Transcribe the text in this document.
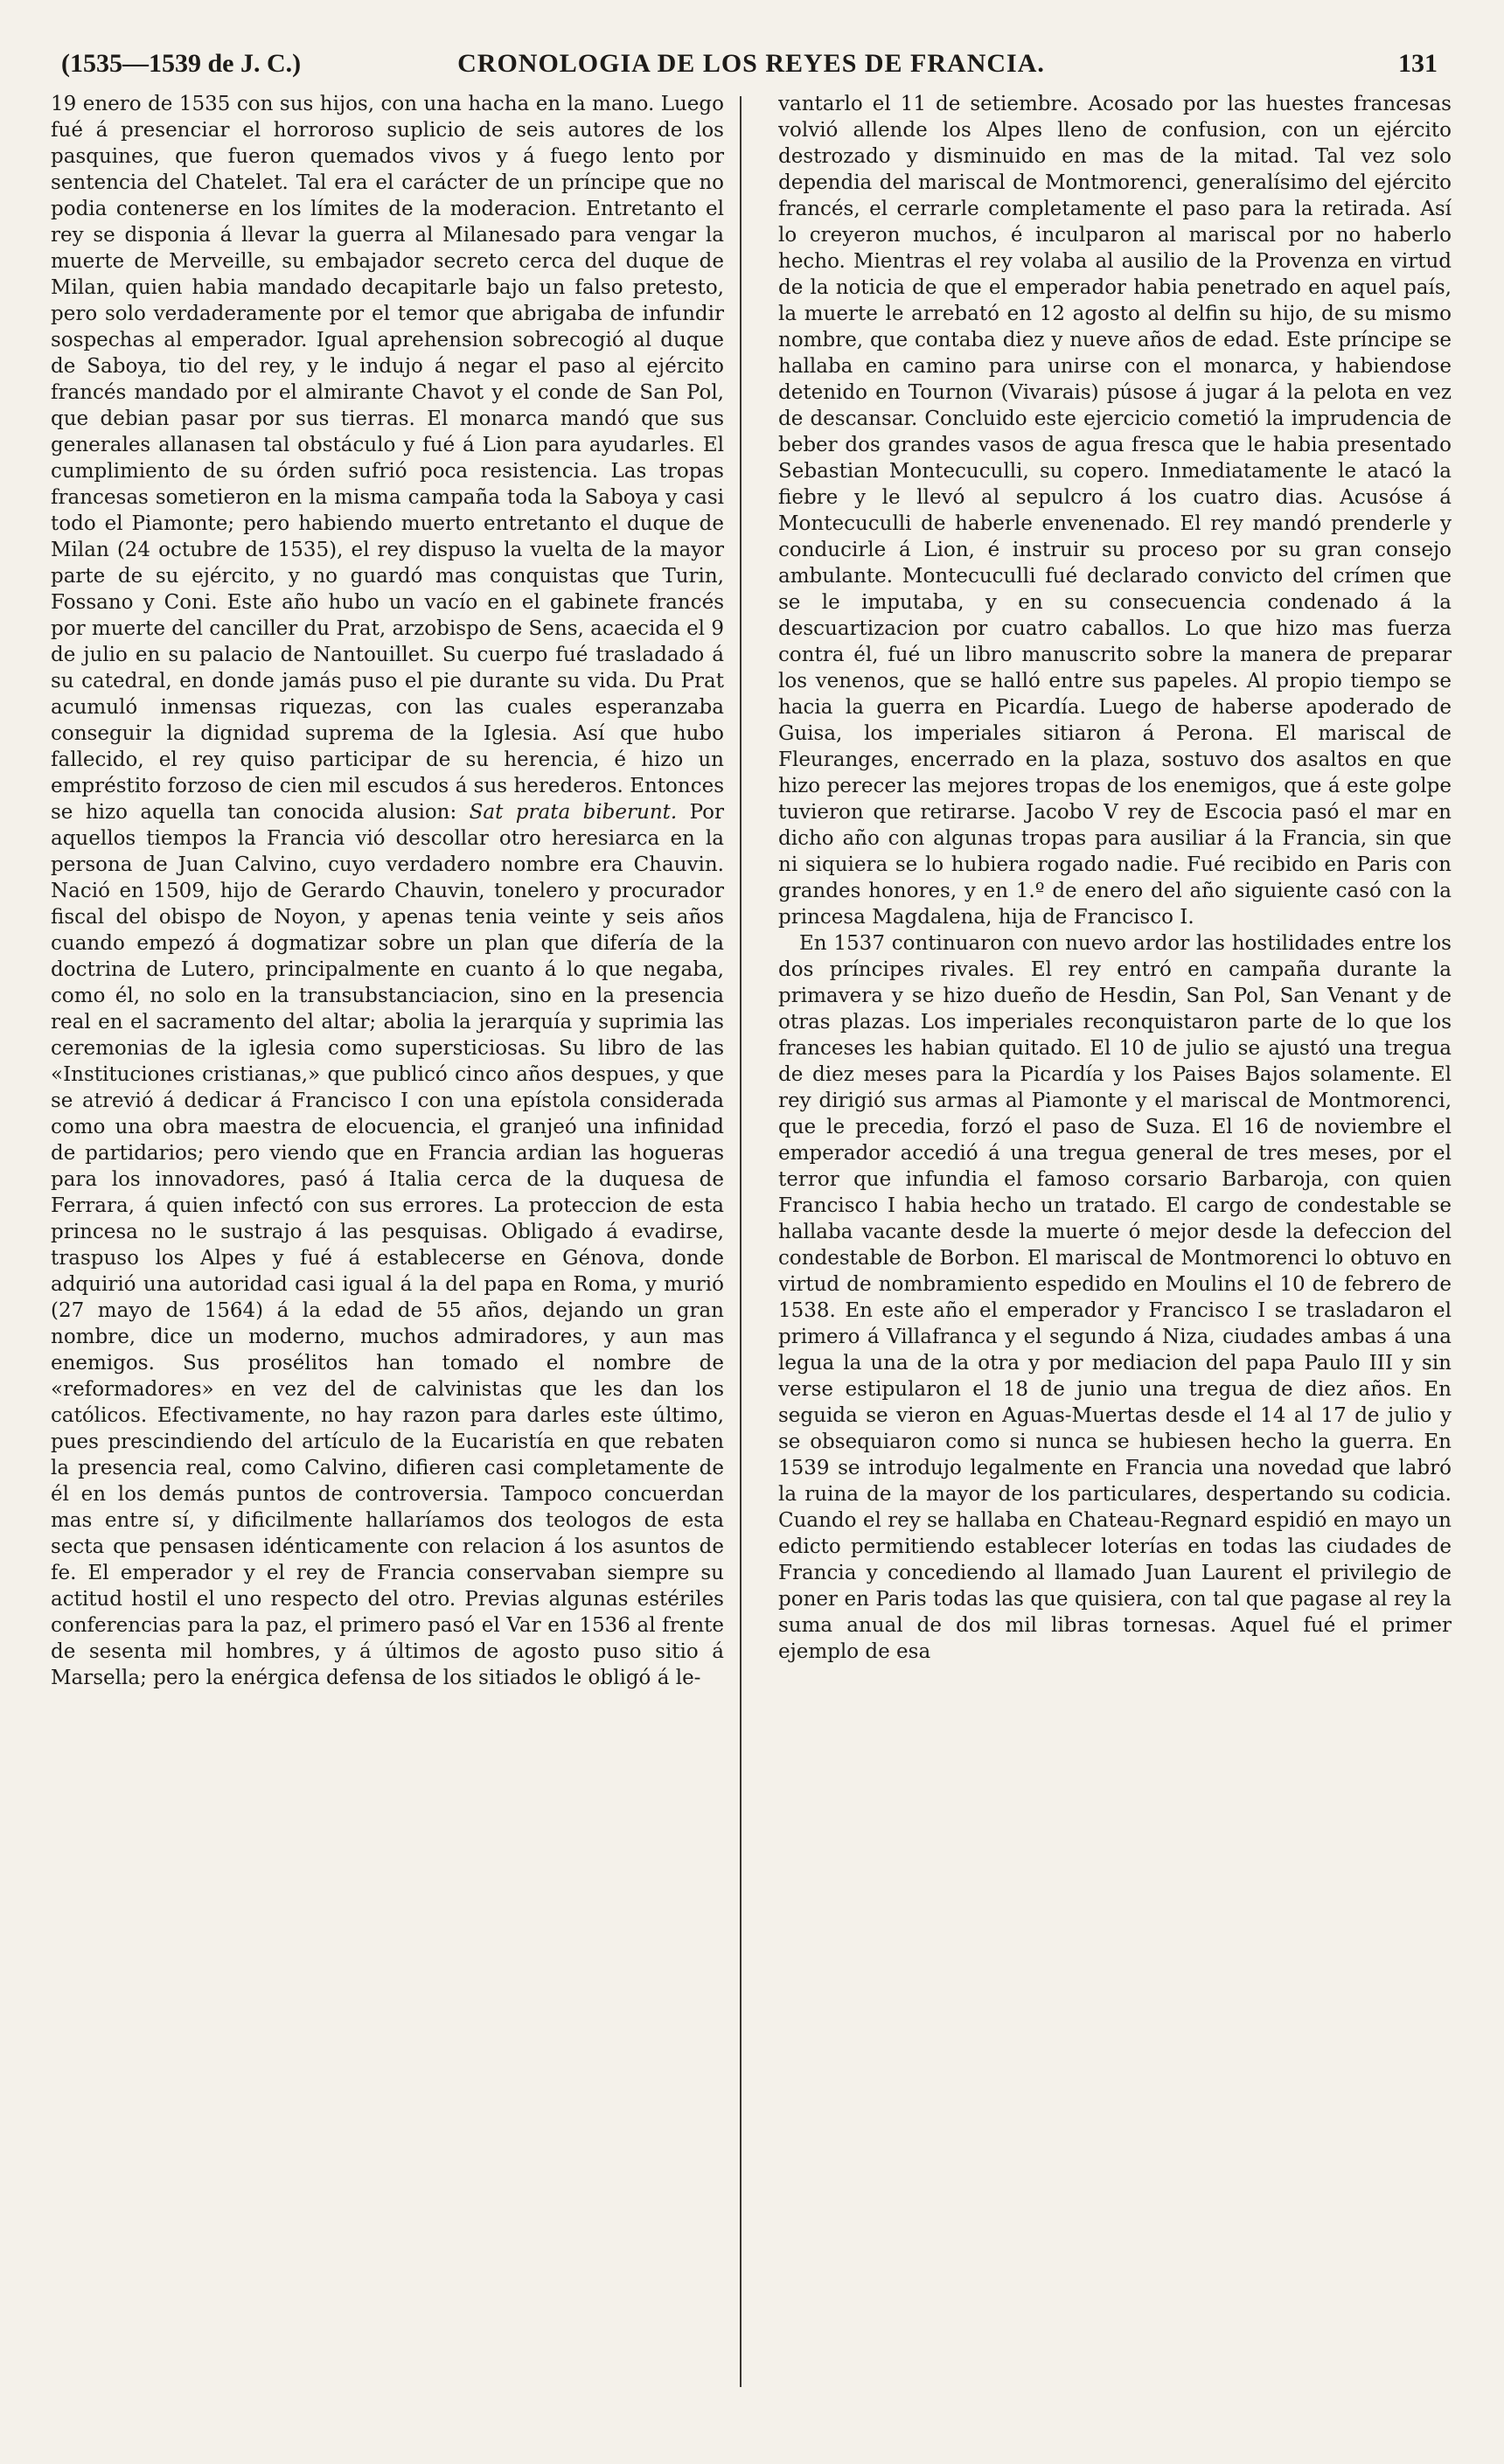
(1535—1539 de J. C.)	CRONOLOGIA DE LOS REYES DE FRANCIA.	131

19 enero de 1535 con sus hijos, con una hacha en la mano. Luego fué á presenciar el horroroso suplicio de seis autores de los pasquines, que fueron quemados vivos y á fuego lento por sentencia del Chatelet. Tal era el carácter de un príncipe que no podia contenerse en los límites de la moderacion. Entretanto el rey se disponia á llevar la guerra al Milanesado para vengar la muerte de Merveille, su embajador secreto cerca del duque de Milan, quien habia mandado decapitarle bajo un falso pretesto, pero solo verdaderamente por el temor que abrigaba de infundir sospechas al emperador. Igual aprehension sobrecogió al duque de Saboya, tio del rey, y le indujo á negar el paso al ejército francés mandado por el almirante Chavot y el conde de San Pol, que debian pasar por sus tierras. El monarca mandó que sus generales allanasen tal obstáculo y fué á Lion para ayudarles. El cumplimiento de su órden sufrió poca resistencia. Las tropas francesas sometieron en la misma campaña toda la Saboya y casi todo el Piamonte; pero habiendo muerto entretanto el duque de Milan (24 octubre de 1535), el rey dispuso la vuelta de la mayor parte de su ejército, y no guardó mas conquistas que Turin, Fossano y Coni. Este año hubo un vacío en el gabinete francés por muerte del canciller du Prat, arzobispo de Sens, acaecida el 9 de julio en su palacio de Nantouillet. Su cuerpo fué trasladado á su catedral, en donde jamás puso el pie durante su vida. Du Prat acumuló inmensas riquezas, con las cuales esperanzaba conseguir la dignidad suprema de la Iglesia. Así que hubo fallecido, el rey quiso participar de su herencia, é hizo un empréstito forzoso de cien mil escudos á sus herederos. Entonces se hizo aquella tan conocida alusion: Sat prata biberunt. Por aquellos tiempos la Francia vió descollar otro heresiarca en la persona de Juan Calvino, cuyo verdadero nombre era Chauvin. Nació en 1509, hijo de Gerardo Chauvin, tonelero y procurador fiscal del obispo de Noyon, y apenas tenia veinte y seis años cuando empezó á dogmatizar sobre un plan que difería de la doctrina de Lutero, principalmente en cuanto á lo que negaba, como él, no solo en la transubstanciacion, sino en la presencia real en el sacramento del altar; abolia la jerarquía y suprimia las ceremonias de la iglesia como supersticiosas. Su libro de las «Instituciones cristianas,» que publicó cinco años despues, y que se atrevió á dedicar á Francisco I con una epístola considerada como una obra maestra de elocuencia, el granjeó una infinidad de partidarios; pero viendo que en Francia ardian las hogueras para los innovadores, pasó á Italia cerca de la duquesa de Ferrara, á quien infectó con sus errores. La proteccion de esta princesa no le sustrajo á las pesquisas. Obligado á evadirse, traspuso los Alpes y fué á establecerse en Génova, donde adquirió una autoridad casi igual á la del papa en Roma, y murió (27 mayo de 1564) á la edad de 55 años, dejando un gran nombre, dice un moderno, muchos admiradores, y aun mas enemigos. Sus prosélitos han tomado el nombre de «reformadores» en vez del de calvinistas que les dan los católicos. Efectivamente, no hay razon para darles este último, pues prescindiendo del artículo de la Eucaristía en que rebaten la presencia real, como Calvino, difieren casi completamente de él en los demás puntos de controversia. Tampoco concuerdan mas entre sí, y dificilmente hallaríamos dos teologos de esta secta que pensasen idénticamente con relacion á los asuntos de fe. El emperador y el rey de Francia conservaban siempre su actitud hostil el uno respecto del otro. Previas algunas estériles conferencias para la paz, el primero pasó el Var en 1536 al frente de sesenta mil hombres, y á últimos de agosto puso sitio á Marsella; pero la enérgica defensa de los sitiados le obligó á le-

vantarlo el 11 de setiembre. Acosado por las huestes francesas volvió allende los Alpes lleno de confusion, con un ejército destrozado y disminuido en mas de la mitad. Tal vez solo dependia del mariscal de Montmorenci, generalísimo del ejército francés, el cerrarle completamente el paso para la retirada. Así lo creyeron muchos, é inculparon al mariscal por no haberlo hecho. Mientras el rey volaba al ausilio de la Provenza en virtud de la noticia de que el emperador habia penetrado en aquel país, la muerte le arrebató en 12 agosto al delfin su hijo, de su mismo nombre, que contaba diez y nueve años de edad. Este príncipe se hallaba en camino para unirse con el monarca, y habiendose detenido en Tournon (Vivarais) púsose á jugar á la pelota en vez de descansar. Concluido este ejercicio cometió la imprudencia de beber dos grandes vasos de agua fresca que le habia presentado Sebastian Montecuculli, su copero. Inmediatamente le atacó la fiebre y le llevó al sepulcro á los cuatro dias. Acusóse á Montecuculli de haberle envenenado. El rey mandó prenderle y conducirle á Lion, é instruir su proceso por su gran consejo ambulante. Montecuculli fué declarado convicto del crímen que se le imputaba, y en su consecuencia condenado á la descuartizacion por cuatro caballos. Lo que hizo mas fuerza contra él, fué un libro manuscrito sobre la manera de preparar los venenos, que se halló entre sus papeles. Al propio tiempo se hacia la guerra en Picardía. Luego de haberse apoderado de Guisa, los imperiales sitiaron á Perona. El mariscal de Fleuranges, encerrado en la plaza, sostuvo dos asaltos en que hizo perecer las mejores tropas de los enemigos, que á este golpe tuvieron que retirarse. Jacobo V rey de Escocia pasó el mar en dicho año con algunas tropas para ausiliar á la Francia, sin que ni siquiera se lo hubiera rogado nadie. Fué recibido en Paris con grandes honores, y en 1.º de enero del año siguiente casó con la princesa Magdalena, hija de Francisco I.

En 1537 continuaron con nuevo ardor las hostilidades entre los dos príncipes rivales. El rey entró en campaña durante la primavera y se hizo dueño de Hesdin, San Pol, San Venant y de otras plazas. Los imperiales reconquistaron parte de lo que los franceses les habian quitado. El 10 de julio se ajustó una tregua de diez meses para la Picardía y los Paises Bajos solamente. El rey dirigió sus armas al Piamonte y el mariscal de Montmorenci, que le precedia, forzó el paso de Suza. El 16 de noviembre el emperador accedió á una tregua general de tres meses, por el terror que infundia el famoso corsario Barbaroja, con quien Francisco I habia hecho un tratado. El cargo de condestable se hallaba vacante desde la muerte ó mejor desde la defeccion del condestable de Borbon. El mariscal de Montmorenci lo obtuvo en virtud de nombramiento espedido en Moulins el 10 de febrero de 1538. En este año el emperador y Francisco I se trasladaron el primero á Villafranca y el segundo á Niza, ciudades ambas á una legua la una de la otra y por mediacion del papa Paulo III y sin verse estipularon el 18 de junio una tregua de diez años. En seguida se vieron en Aguas-Muertas desde el 14 al 17 de julio y se obsequiaron como si nunca se hubiesen hecho la guerra. En 1539 se introdujo legalmente en Francia una novedad que labró la ruina de la mayor de los particulares, despertando su codicia. Cuando el rey se hallaba en Chateau-Regnard espidió en mayo un edicto permitiendo establecer loterías en todas las ciudades de Francia y concediendo al llamado Juan Laurent el privilegio de poner en Paris todas las que quisiera, con tal que pagase al rey la suma anual de dos mil libras tornesas. Aquel fué el primer ejemplo de esa
